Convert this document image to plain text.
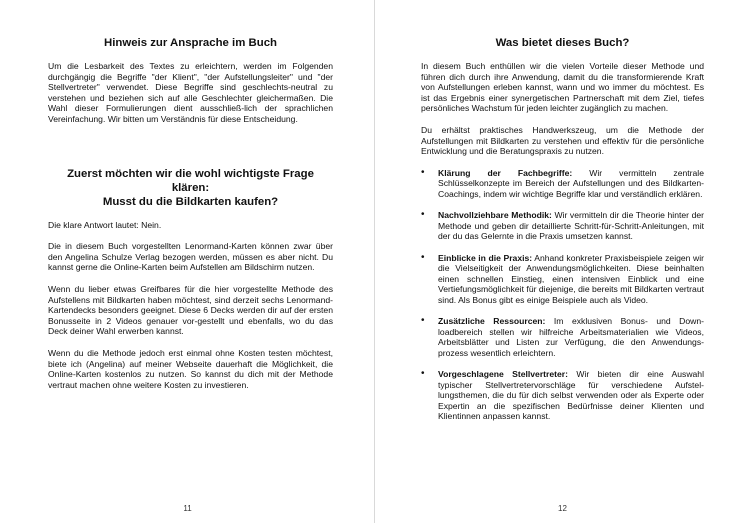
Hinweis zur Ansprache im Buch

Um die Lesbarkeit des Textes zu erleichtern, werden im Folgenden durchgängig die Begriffe "der Klient", "der Aufstellungsleiter" und "der Stellvertreter" verwendet. Diese Begriffe sind geschlechts-neutral zu verstehen und beziehen sich auf alle Geschlechter gleichermaßen. Die Wahl dieser Formulierungen dient ausschließ-lich der sprachlichen Vereinfachung. Wir bitten um Verständnis für diese Entscheidung.

Zuerst möchten wir die wohl wichtigste Frage klären:
Musst du die Bildkarten kaufen?

Die klare Antwort lautet: Nein.

Die in diesem Buch vorgestellten Lenormand-Karten können zwar über den Angelina Schulze Verlag bezogen werden, müssen es aber nicht. Du kannst gerne die Online-Karten beim Aufstellen am Bildschirm nutzen.

Wenn du lieber etwas Greifbares für die hier vorgestellte Methode des Aufstellens mit Bildkarten haben möchtest, sind derzeit sechs Lenormand-Kartendecks besonders geeignet. Diese 6 Decks werden dir auf der ersten Bonusseite in 2 Videos genauer vor-gestellt und ebenfalls, wo du das Deck deiner Wahl erwerben kannst.

Wenn du die Methode jedoch erst einmal ohne Kosten testen möchtest, biete ich (Angelina) auf meiner Webseite dauerhaft die Möglichkeit, die Online-Karten kostenlos zu nutzen. So kannst du dich mit der Methode vertraut machen ohne weitere Kosten zu investieren.

11
Was bietet dieses Buch?

In diesem Buch enthüllen wir die vielen Vorteile dieser Methode und führen dich durch ihre Anwendung, damit du die transformierende Kraft von Aufstellungen erleben kannst, wann und wo immer du möchtest. Es ist das Ergebnis einer synergetischen Partnerschaft mit dem Ziel, tiefes persönliches Wachstum für jeden leichter zugänglich zu machen.

Du erhältst praktisches Handwerkszeug, um die Methode der Aufstellungen mit Bildkarten zu verstehen und effektiv für die persönliche Entwicklung und die Beratungspraxis zu nutzen.

• Klärung der Fachbegriffe: Wir vermitteln zentrale Schlüsselkonzepte im Bereich der Aufstellungen und des Bildkarten-Coachings, indem wir wichtige Begriffe klar und verständlich erklären.
• Nachvollziehbare Methodik: Wir vermitteln dir die Theorie hinter der Methode und geben dir detaillierte Schritt-für-Schritt-Anleitungen, mit der du das Gelernte in die Praxis umsetzen kannst.
• Einblicke in die Praxis: Anhand konkreter Praxisbeispiele zeigen wir die Vielseitigkeit der Anwendungsmöglichkeiten. Diese beinhalten einen schnellen Einstieg, einen intensiven Einblick und eine Vertiefungsmöglichkeit für diejenige, die bereits mit Bildkarten vertraut sind. Als Bonus gibt es einige Beispiele auch als Video.
• Zusätzliche Ressourcen: Im exklusiven Bonus- und Down-loadbereich stellen wir hilfreiche Arbeitsmaterialien wie Videos, Arbeitsblätter und Listen zur Verfügung, die den Anwendungs-prozess wesentlich erleichtern.
• Vorgeschlagene Stellvertreter: Wir bieten dir eine Auswahl typischer Stellvertretervorschläge für verschiedene Aufstel-lungsthemen, die du für dich selbst verwenden oder als Experte oder Expertin an die spezifischen Bedürfnisse deiner Klienten und Klientinnen anpassen kannst.
12
